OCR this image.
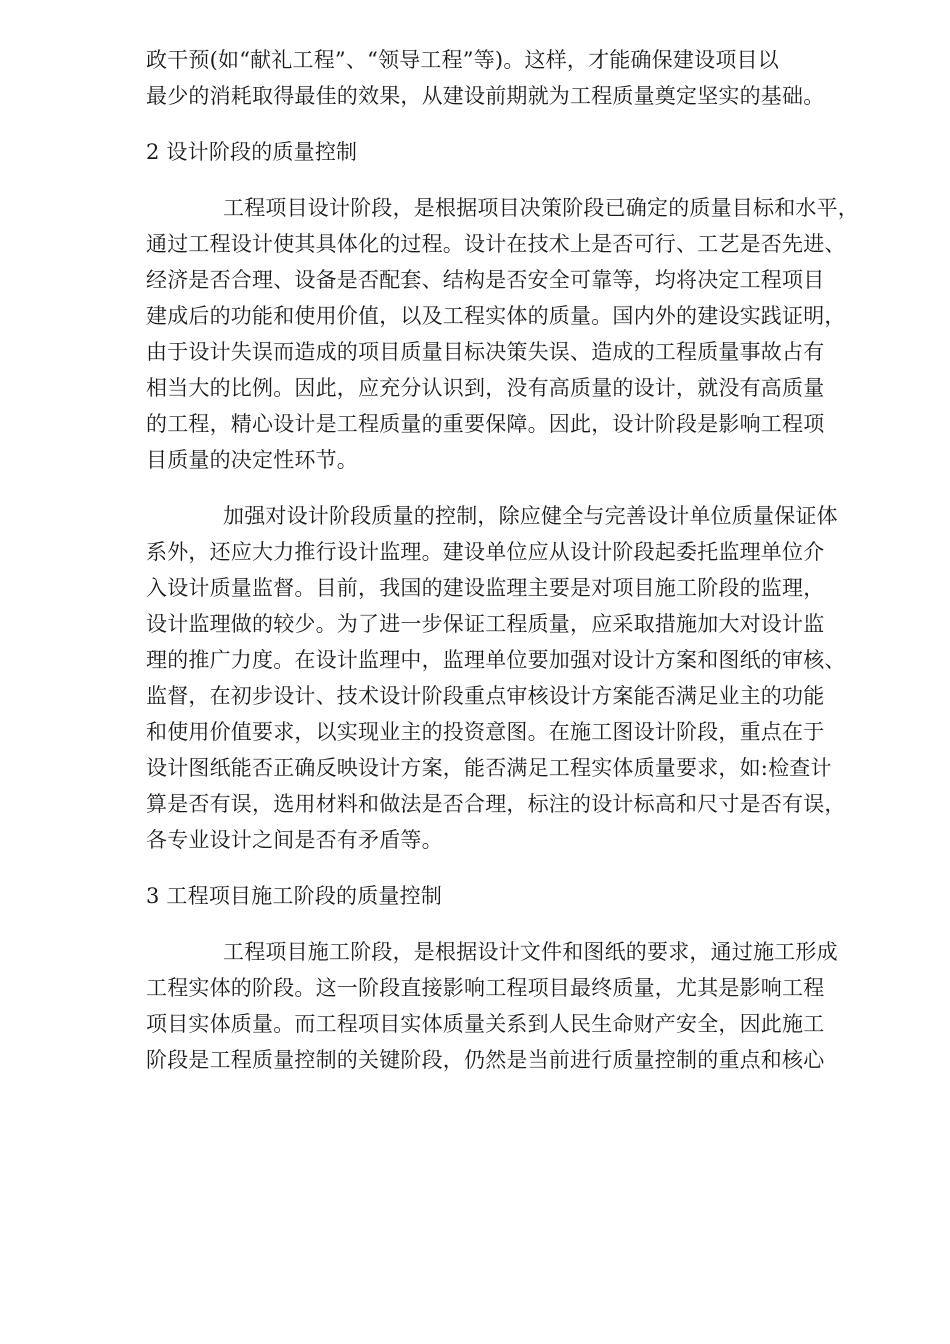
政干预(如“献礼工程”、“领导工程”等)。这样，才能确保建设项目以
最少的消耗取得最佳的效果，从建设前期就为工程质量奠定坚实的基础。
2 设计阶段的质量控制
工程项目设计阶段，是根据项目决策阶段已确定的质量目标和水平，
通过工程设计使其具体化的过程。设计在技术上是否可行、工艺是否先进、
经济是否合理、设备是否配套、结构是否安全可靠等，均将决定工程项目
建成后的功能和使用价值，以及工程实体的质量。国内外的建设实践证明，
由于设计失误而造成的项目质量目标决策失误、造成的工程质量事故占有
相当大的比例。因此，应充分认识到，没有高质量的设计，就没有高质量
的工程，精心设计是工程质量的重要保障。因此，设计阶段是影响工程项
目质量的决定性环节。
加强对设计阶段质量的控制，除应健全与完善设计单位质量保证体
系外，还应大力推行设计监理。建设单位应从设计阶段起委托监理单位介
入设计质量监督。目前，我国的建设监理主要是对项目施工阶段的监理，
设计监理做的较少。为了进一步保证工程质量，应采取措施加大对设计监
理的推广力度。在设计监理中，监理单位要加强对设计方案和图纸的审核、
监督，在初步设计、技术设计阶段重点审核设计方案能否满足业主的功能
和使用价值要求，以实现业主的投资意图。在施工图设计阶段，重点在于
设计图纸能否正确反映设计方案，能否满足工程实体质量要求，如:检查计
算是否有误，选用材料和做法是否合理，标注的设计标高和尺寸是否有误，
各专业设计之间是否有矛盾等。
3 工程项目施工阶段的质量控制
工程项目施工阶段，是根据设计文件和图纸的要求，通过施工形成
工程实体的阶段。这一阶段直接影响工程项目最终质量，尤其是影响工程
项目实体质量。而工程项目实体质量关系到人民生命财产安全，因此施工
阶段是工程质量控制的关键阶段，仍然是当前进行质量控制的重点和核心
